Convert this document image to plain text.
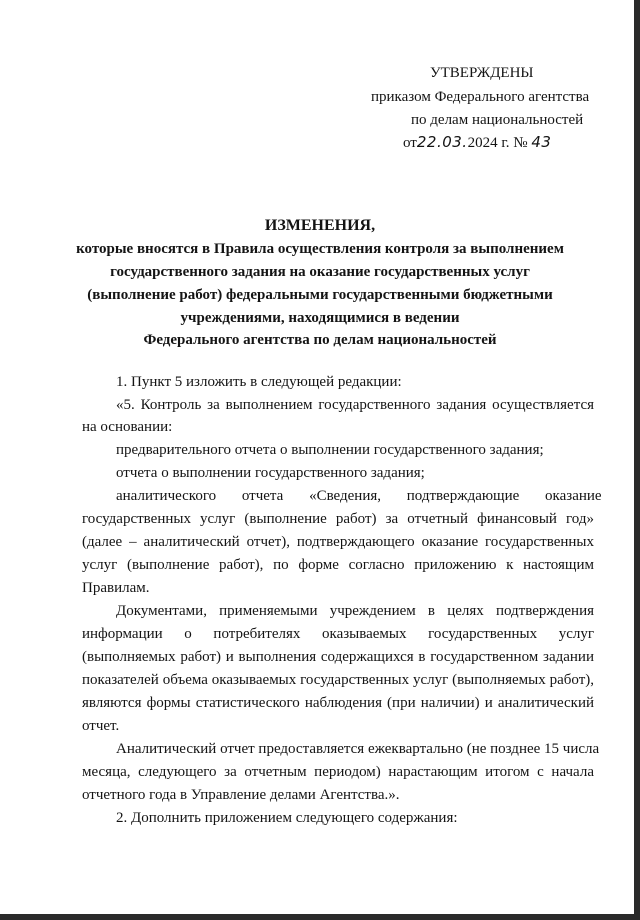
УТВЕРЖДЕНЫ
приказом Федерального агентства
по делам национальностей
от22.03.2024 г. № 43
ИЗМЕНЕНИЯ,
которые вносятся в Правила осуществления контроля за выполнением
государственного задания на оказание государственных услуг
(выполнение работ) федеральными государственными бюджетными
учреждениями, находящимися в ведении
Федерального агентства по делам национальностей
1. Пункт 5 изложить в следующей редакции:
«5. Контроль за выполнением государственного задания осуществляется
на основании:
предварительного отчета о выполнении государственного задания;
отчета о выполнении государственного задания;
аналитического отчета «Сведения, подтверждающие оказание
государственных услуг (выполнение работ) за отчетный финансовый год»
(далее – аналитический отчет), подтверждающего оказание государственных
услуг (выполнение работ), по форме согласно приложению к настоящим
Правилам.
Документами, применяемыми учреждением в целях подтверждения
информации о потребителях оказываемых государственных услуг
(выполняемых работ) и выполнения содержащихся в государственном задании
показателей объема оказываемых государственных услуг (выполняемых работ),
являются формы статистического наблюдения (при наличии) и аналитический
отчет.
Аналитический отчет предоставляется ежеквартально (не позднее 15 числа
месяца, следующего за отчетным периодом) нарастающим итогом с начала
отчетного года в Управление делами Агентства.».
2. Дополнить приложением следующего содержания:
